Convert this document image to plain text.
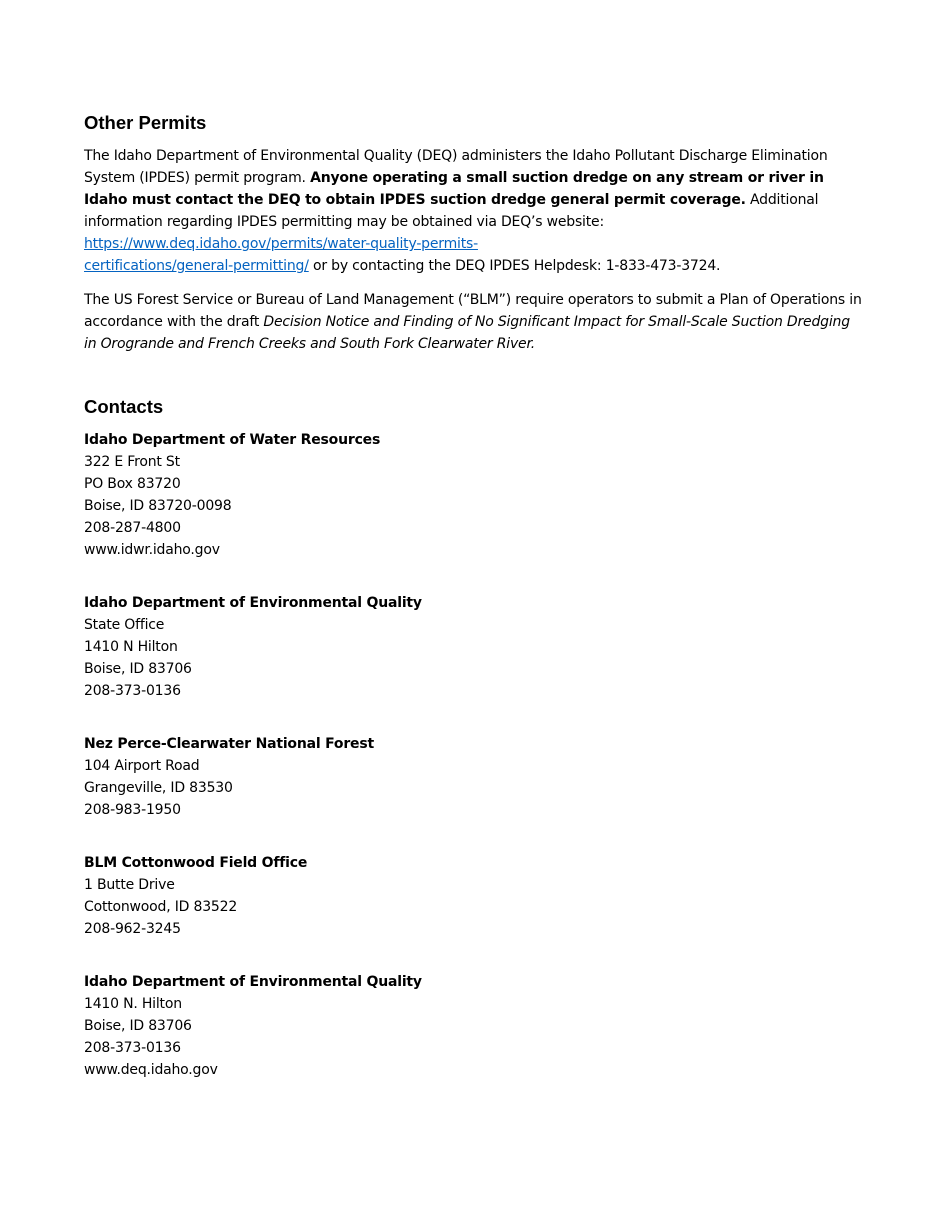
Other Permits

The Idaho Department of Environmental Quality (DEQ) administers the Idaho Pollutant Discharge Elimination System (IPDES) permit program. Anyone operating a small suction dredge on any stream or river in Idaho must contact the DEQ to obtain IPDES suction dredge general permit coverage. Additional information regarding IPDES permitting may be obtained via DEQ’s website: https://www.deq.idaho.gov/permits/water-quality-permits-
certifications/general-permitting/ or by contacting the DEQ IPDES Helpdesk: 1-833-473-3724.

The US Forest Service or Bureau of Land Management (“BLM”) require operators to submit a Plan of Operations in accordance with the draft Decision Notice and Finding of No Significant Impact for Small-Scale Suction Dredging in Orogrande and French Creeks and South Fork Clearwater River.

Contacts
Idaho Department of Water Resources
322 E Front St
PO Box 83720
Boise, ID 83720-0098
208-287-4800
www.idwr.idaho.gov
Idaho Department of Environmental Quality
State Office
1410 N Hilton
Boise, ID 83706
208-373-0136
Nez Perce-Clearwater National Forest
104 Airport Road
Grangeville, ID 83530
208-983-1950
BLM Cottonwood Field Office
1 Butte Drive
Cottonwood, ID 83522
208-962-3245
Idaho Department of Environmental Quality
1410 N. Hilton
Boise, ID 83706
208-373-0136
www.deq.idaho.gov
